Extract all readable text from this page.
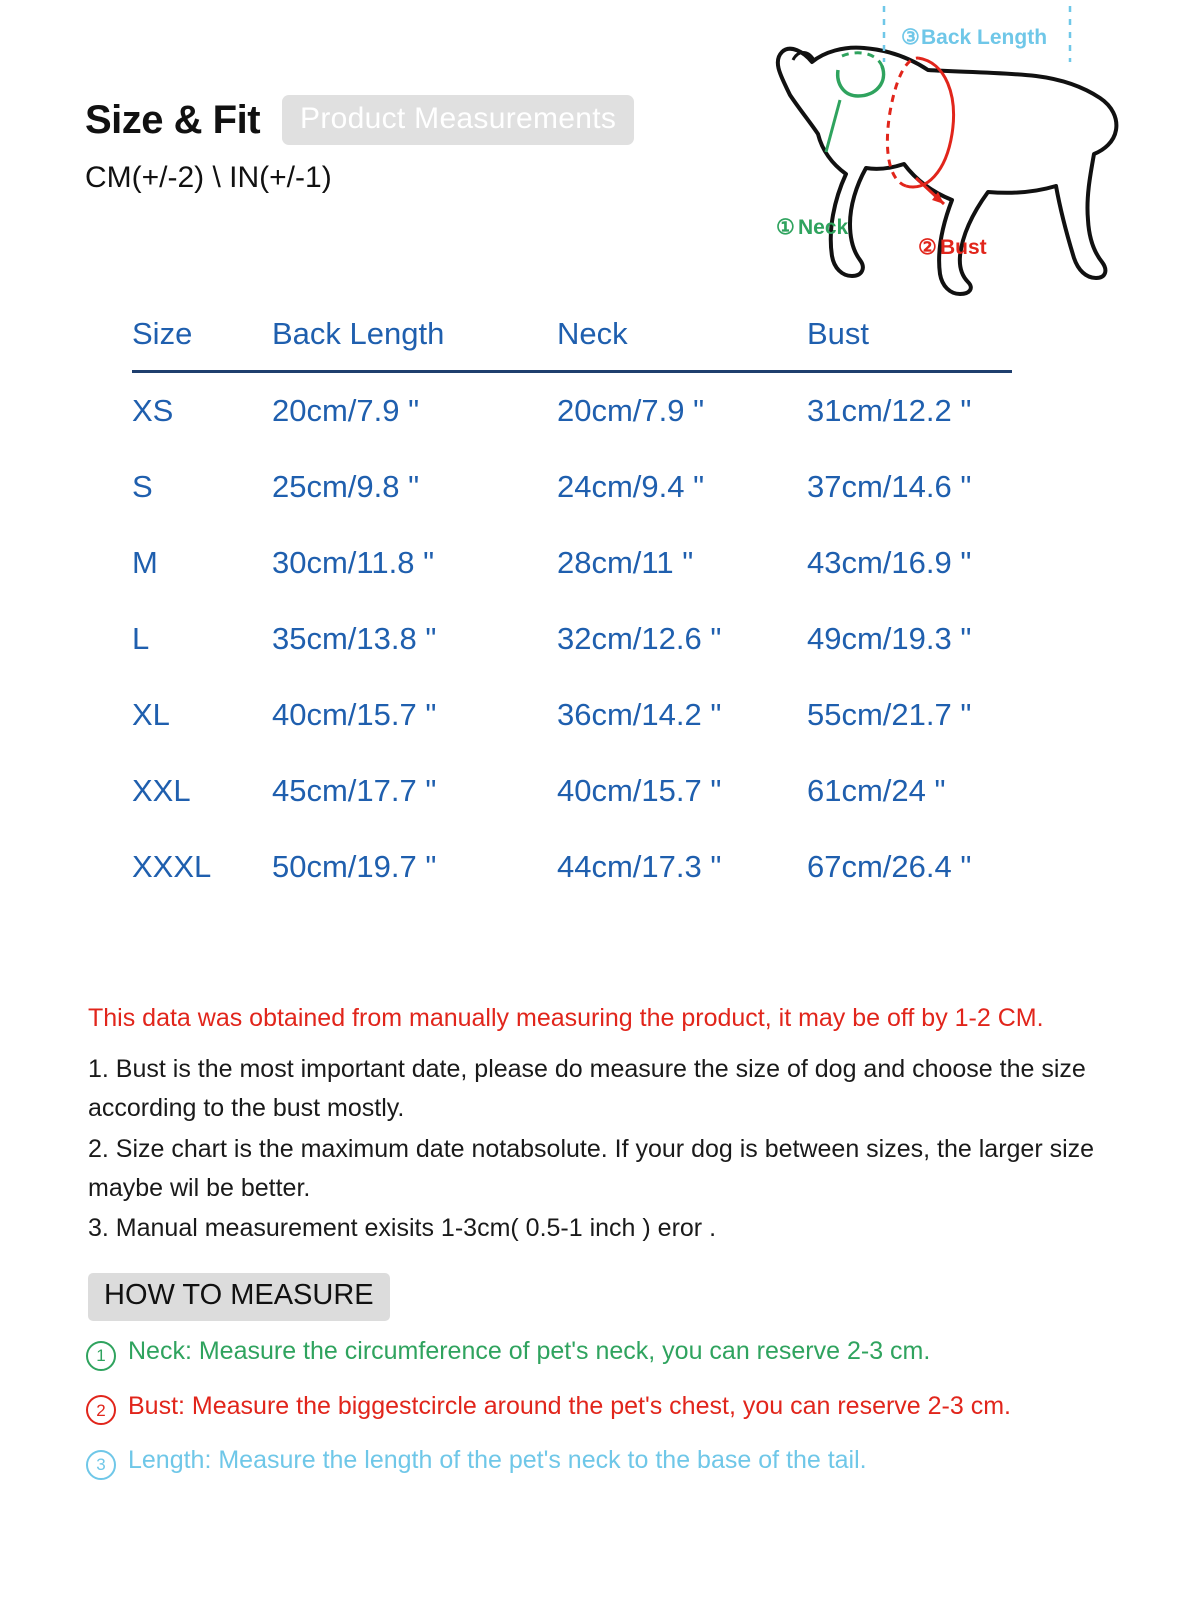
Size & Fit	Product Measurements
CM(+/-2) \ IN(+/-1)
③ Back Length
① Neck
② Bust
Size	Back Length	Neck	Bust
XS	20cm/7.9 "	20cm/7.9 "	31cm/12.2 "
S	25cm/9.8 "	24cm/9.4 "	37cm/14.6 "
M	30cm/11.8 "	28cm/11 "	43cm/16.9 "
L	35cm/13.8 "	32cm/12.6 "	49cm/19.3 "
XL	40cm/15.7 "	36cm/14.2 "	55cm/21.7 "
XXL	45cm/17.7 "	40cm/15.7 "	61cm/24 "
XXXL	50cm/19.7 "	44cm/17.3 "	67cm/26.4 "
This data was obtained from manually measuring the product, it may be off by 1-2 CM.
1. Bust is the most important date, please do measure the size of dog and choose the size according to the bust mostly.
2. Size chart is the maximum date notabsolute. If your dog is between sizes, the larger size maybe wil be better.
3. Manual measurement exisits 1-3cm( 0.5-1 inch ) eror .
HOW TO MEASURE
1 Neck: Measure the circumference of pet's neck, you can reserve 2-3 cm.
2 Bust: Measure the biggestcircle around the pet's chest, you can reserve 2-3 cm.
3 Length: Measure the length of the pet's neck to the base of the tail.
